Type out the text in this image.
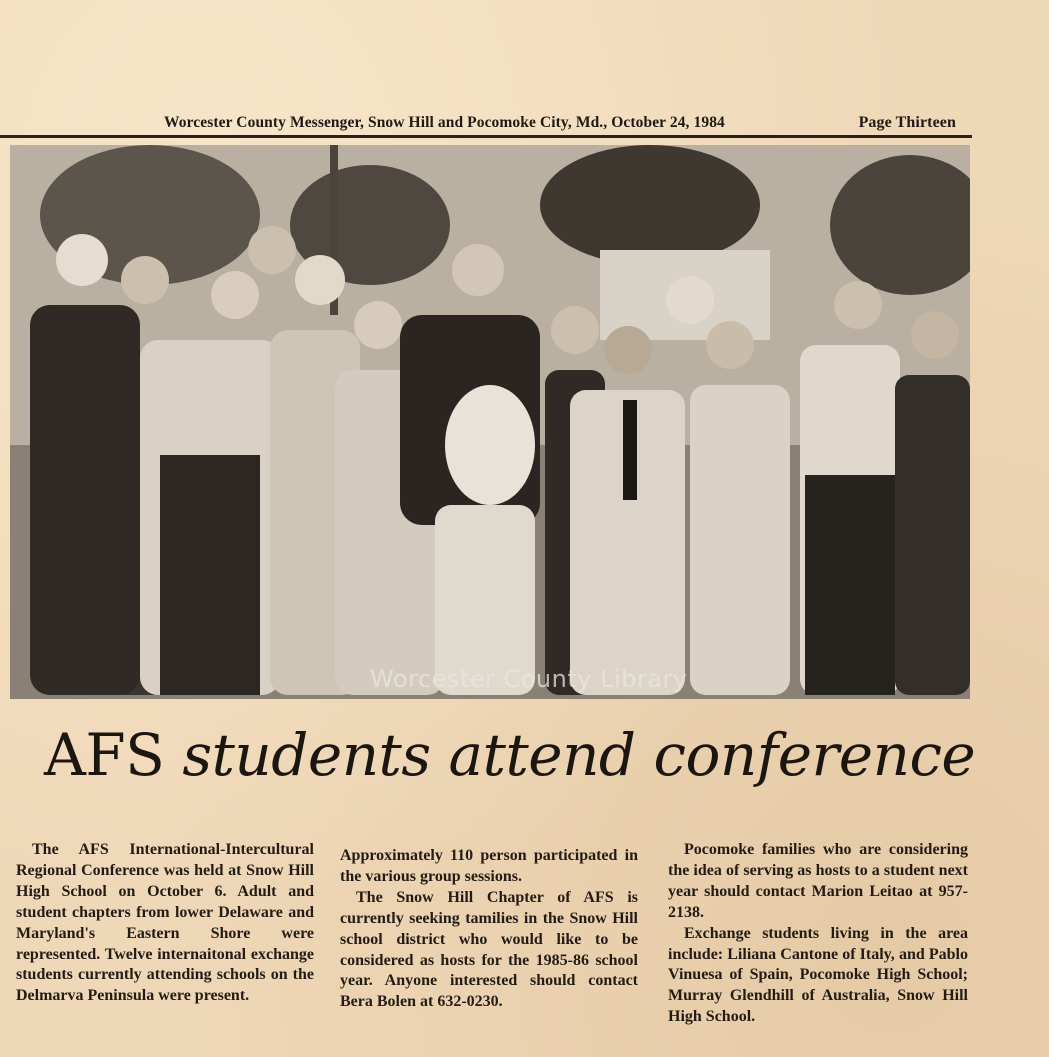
Worcester County Messenger, Snow Hill and Pocomoke City, Md., October 24, 1984	Page Thirteen
Worcester County Library
AFS students attend conference

The AFS International-Intercultural Regional Conference was held at Snow Hill High School on October 6. Adult and student chapters from lower Delaware and Maryland's Eastern Shore were represented. Twelve internaitonal exchange students currently attending schools on the Delmarva Peninsula were present.

Approximately 110 person participated in the various group sessions.

The Snow Hill Chapter of AFS is currently seeking tamilies in the Snow Hill school district who would like to be considered as hosts for the 1985-86 school year. Anyone interested should contact Bera Bolen at 632-0230.

Pocomoke families who are considering the idea of serving as hosts to a student next year should contact Marion Leitao at 957-2138.

Exchange students living in the area include: Liliana Cantone of Italy, and Pablo Vinuesa of Spain, Pocomoke High School; Murray Glendhill of Australia, Snow Hill High School.
